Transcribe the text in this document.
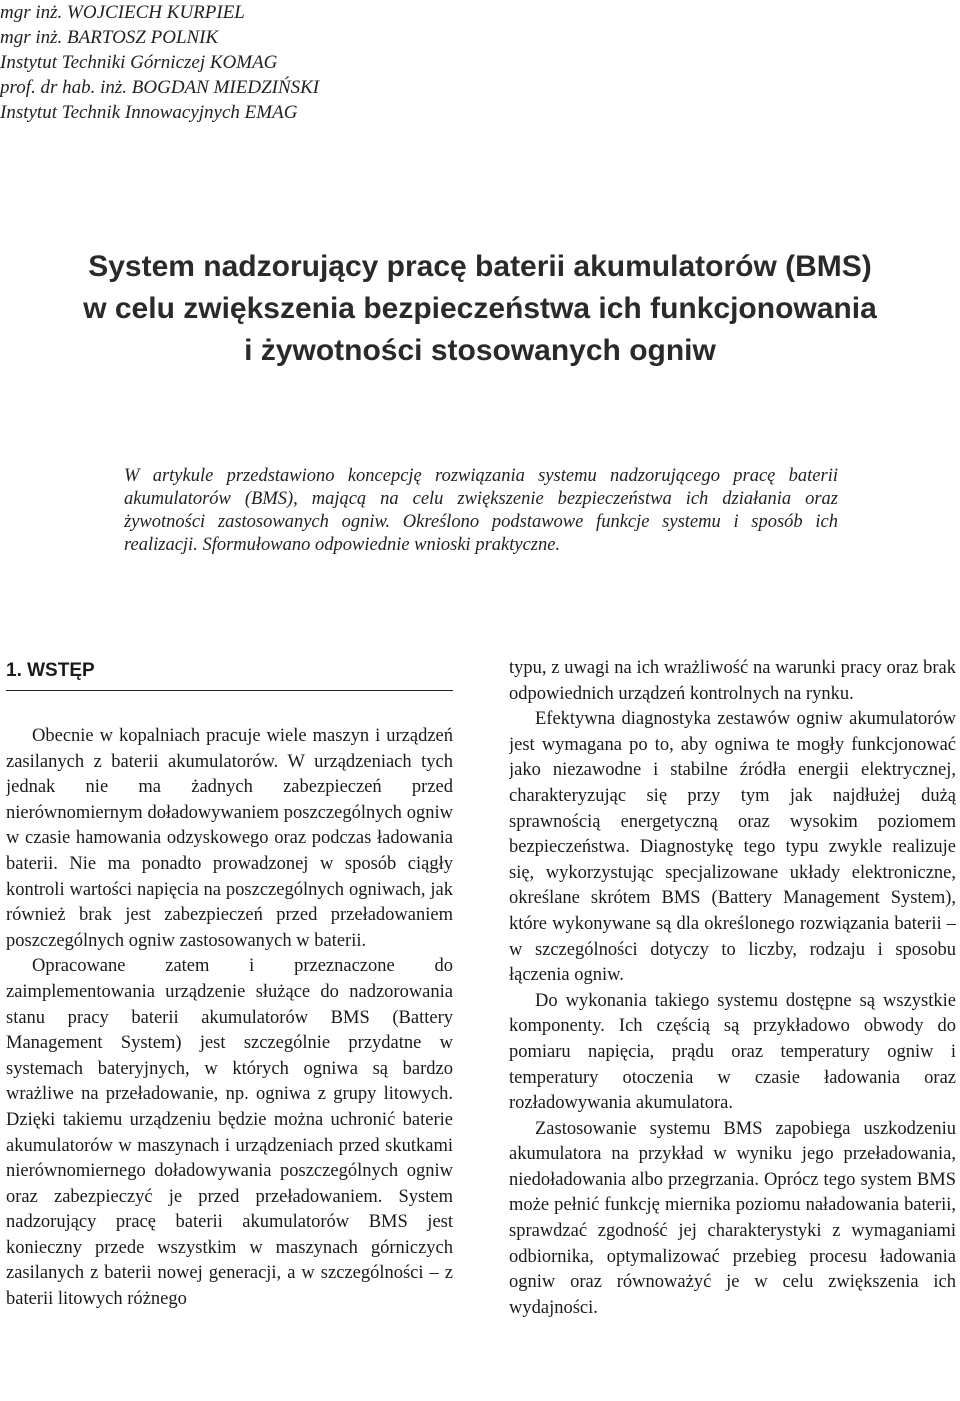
mgr inż. WOJCIECH KURPIEL

mgr inż. BARTOSZ POLNIK

Instytut Techniki Górniczej KOMAG

prof. dr hab. inż. BOGDAN MIEDZIŃSKI

Instytut Technik Innowacyjnych EMAG

System nadzorujący pracę baterii akumulatorów (BMS)

w celu zwiększenia bezpieczeństwa ich funkcjonowania

i żywotności stosowanych ogniw

W artykule przedstawiono koncepcję rozwiązania systemu nadzorującego pracę baterii akumulatorów (BMS), mającą na celu zwiększenie bezpieczeństwa ich działania oraz żywotności zastosowanych ogniw. Określono podstawowe funkcje systemu i sposób ich realizacji. Sformułowano odpowiednie wnioski praktyczne.

1. WSTĘP

Obecnie w kopalniach pracuje wiele maszyn i urządzeń zasilanych z baterii akumulatorów. W urządzeniach tych jednak nie ma żadnych zabezpieczeń przed nierównomiernym doładowywaniem poszczególnych ogniw w czasie hamowania odzyskowego oraz podczas ładowania baterii. Nie ma ponadto prowadzonej w sposób ciągły kontroli wartości napięcia na poszczególnych ogniwach, jak również brak jest zabezpieczeń przed przeładowaniem poszczególnych ogniw zastosowanych w baterii.

Opracowane zatem i przeznaczone do zaimplementowania urządzenie służące do nadzorowania stanu pracy baterii akumulatorów BMS (Battery Management System) jest szczególnie przydatne w systemach bateryjnych, w których ogniwa są bardzo wrażliwe na przeładowanie, np. ogniwa z grupy litowych. Dzięki takiemu urządzeniu będzie można uchronić baterie akumulatorów w maszynach i urządzeniach przed skutkami nierównomiernego doładowywania poszczególnych ogniw oraz zabezpieczyć je przed przeładowaniem. System nadzorujący pracę baterii akumulatorów BMS jest konieczny przede wszystkim w maszynach górniczych zasilanych z baterii nowej generacji, a w szczególności – z baterii litowych różnego

typu, z uwagi na ich wrażliwość na warunki pracy oraz brak odpowiednich urządzeń kontrolnych na rynku.

Efektywna diagnostyka zestawów ogniw akumulatorów jest wymagana po to, aby ogniwa te mogły funkcjonować jako niezawodne i stabilne źródła energii elektrycznej, charakteryzując się przy tym jak najdłużej dużą sprawnością energetyczną oraz wysokim poziomem bezpieczeństwa. Diagnostykę tego typu zwykle realizuje się, wykorzystując specjalizowane układy elektroniczne, określane skrótem BMS (Battery Management System), które wykonywane są dla określonego rozwiązania baterii – w szczególności dotyczy to liczby, rodzaju i sposobu łączenia ogniw.

Do wykonania takiego systemu dostępne są wszystkie komponenty. Ich częścią są przykładowo obwody do pomiaru napięcia, prądu oraz temperatury ogniw i temperatury otoczenia w czasie ładowania oraz rozładowywania akumulatora.

Zastosowanie systemu BMS zapobiega uszkodzeniu akumulatora na przykład w wyniku jego przeładowania, niedoładowania albo przegrzania. Oprócz tego system BMS może pełnić funkcję miernika poziomu naładowania baterii, sprawdzać zgodność jej charakterystyki z wymaganiami odbiornika, optymalizować przebieg procesu ładowania ogniw oraz równoważyć je w celu zwiększenia ich wydajności.
